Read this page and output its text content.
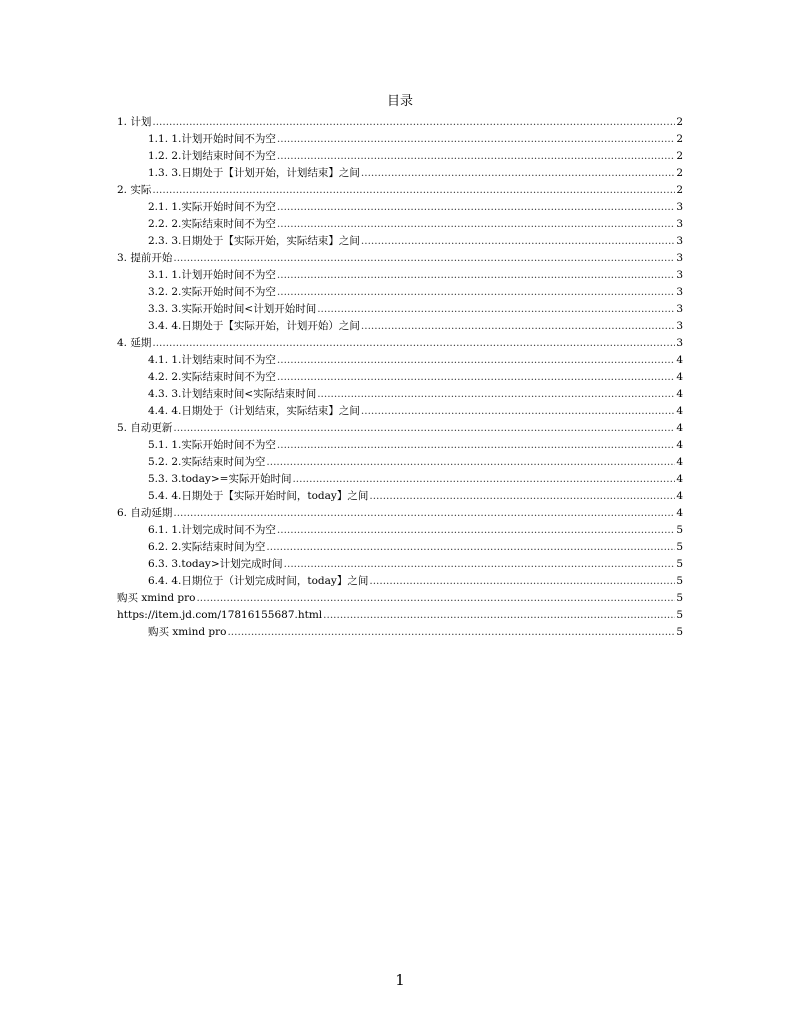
目录
1. 计划 .....	2
1.1. 1.计划开始时间不为空 .....	2
1.2. 2.计划结束时间不为空 .....	2
1.3. 3.日期处于【计划开始，计划结束】之间 .....	2
2. 实际 .....	2
2.1. 1.实际开始时间不为空 .....	3
2.2. 2.实际结束时间不为空 .....	3
2.3. 3.日期处于【实际开始，实际结束】之间 .....	3
3. 提前开始 .....	3
3.1. 1.计划开始时间不为空 .....	3
3.2. 2.实际开始时间不为空 .....	3
3.3. 3.实际开始时间<计划开始时间 .....	3
3.4. 4.日期处于【实际开始，计划开始）之间 .....	3
4. 延期 .....	3
4.1. 1.计划结束时间不为空 .....	4
4.2. 2.实际结束时间不为空 .....	4
4.3. 3.计划结束时间<实际结束时间 .....	4
4.4. 4.日期处于（计划结束，实际结束】之间 .....	4
5. 自动更新 .....	4
5.1. 1.实际开始时间不为空 .....	4
5.2. 2.实际结束时间为空 .....	4
5.3. 3.today>=实际开始时间 .....	4
5.4. 4.日期处于【实际开始时间，today】之间 .....	4
6. 自动延期 .....	4
6.1. 1.计划完成时间不为空 .....	5
6.2. 2.实际结束时间为空 .....	5
6.3. 3.today>计划完成时间 .....	5
6.4. 4.日期位于（计划完成时间，today】之间 .....	5
购买 xmind pro .....	5
https://item.jd.com/17816155687.html .....	5
购买 xmind pro .....	5
1
